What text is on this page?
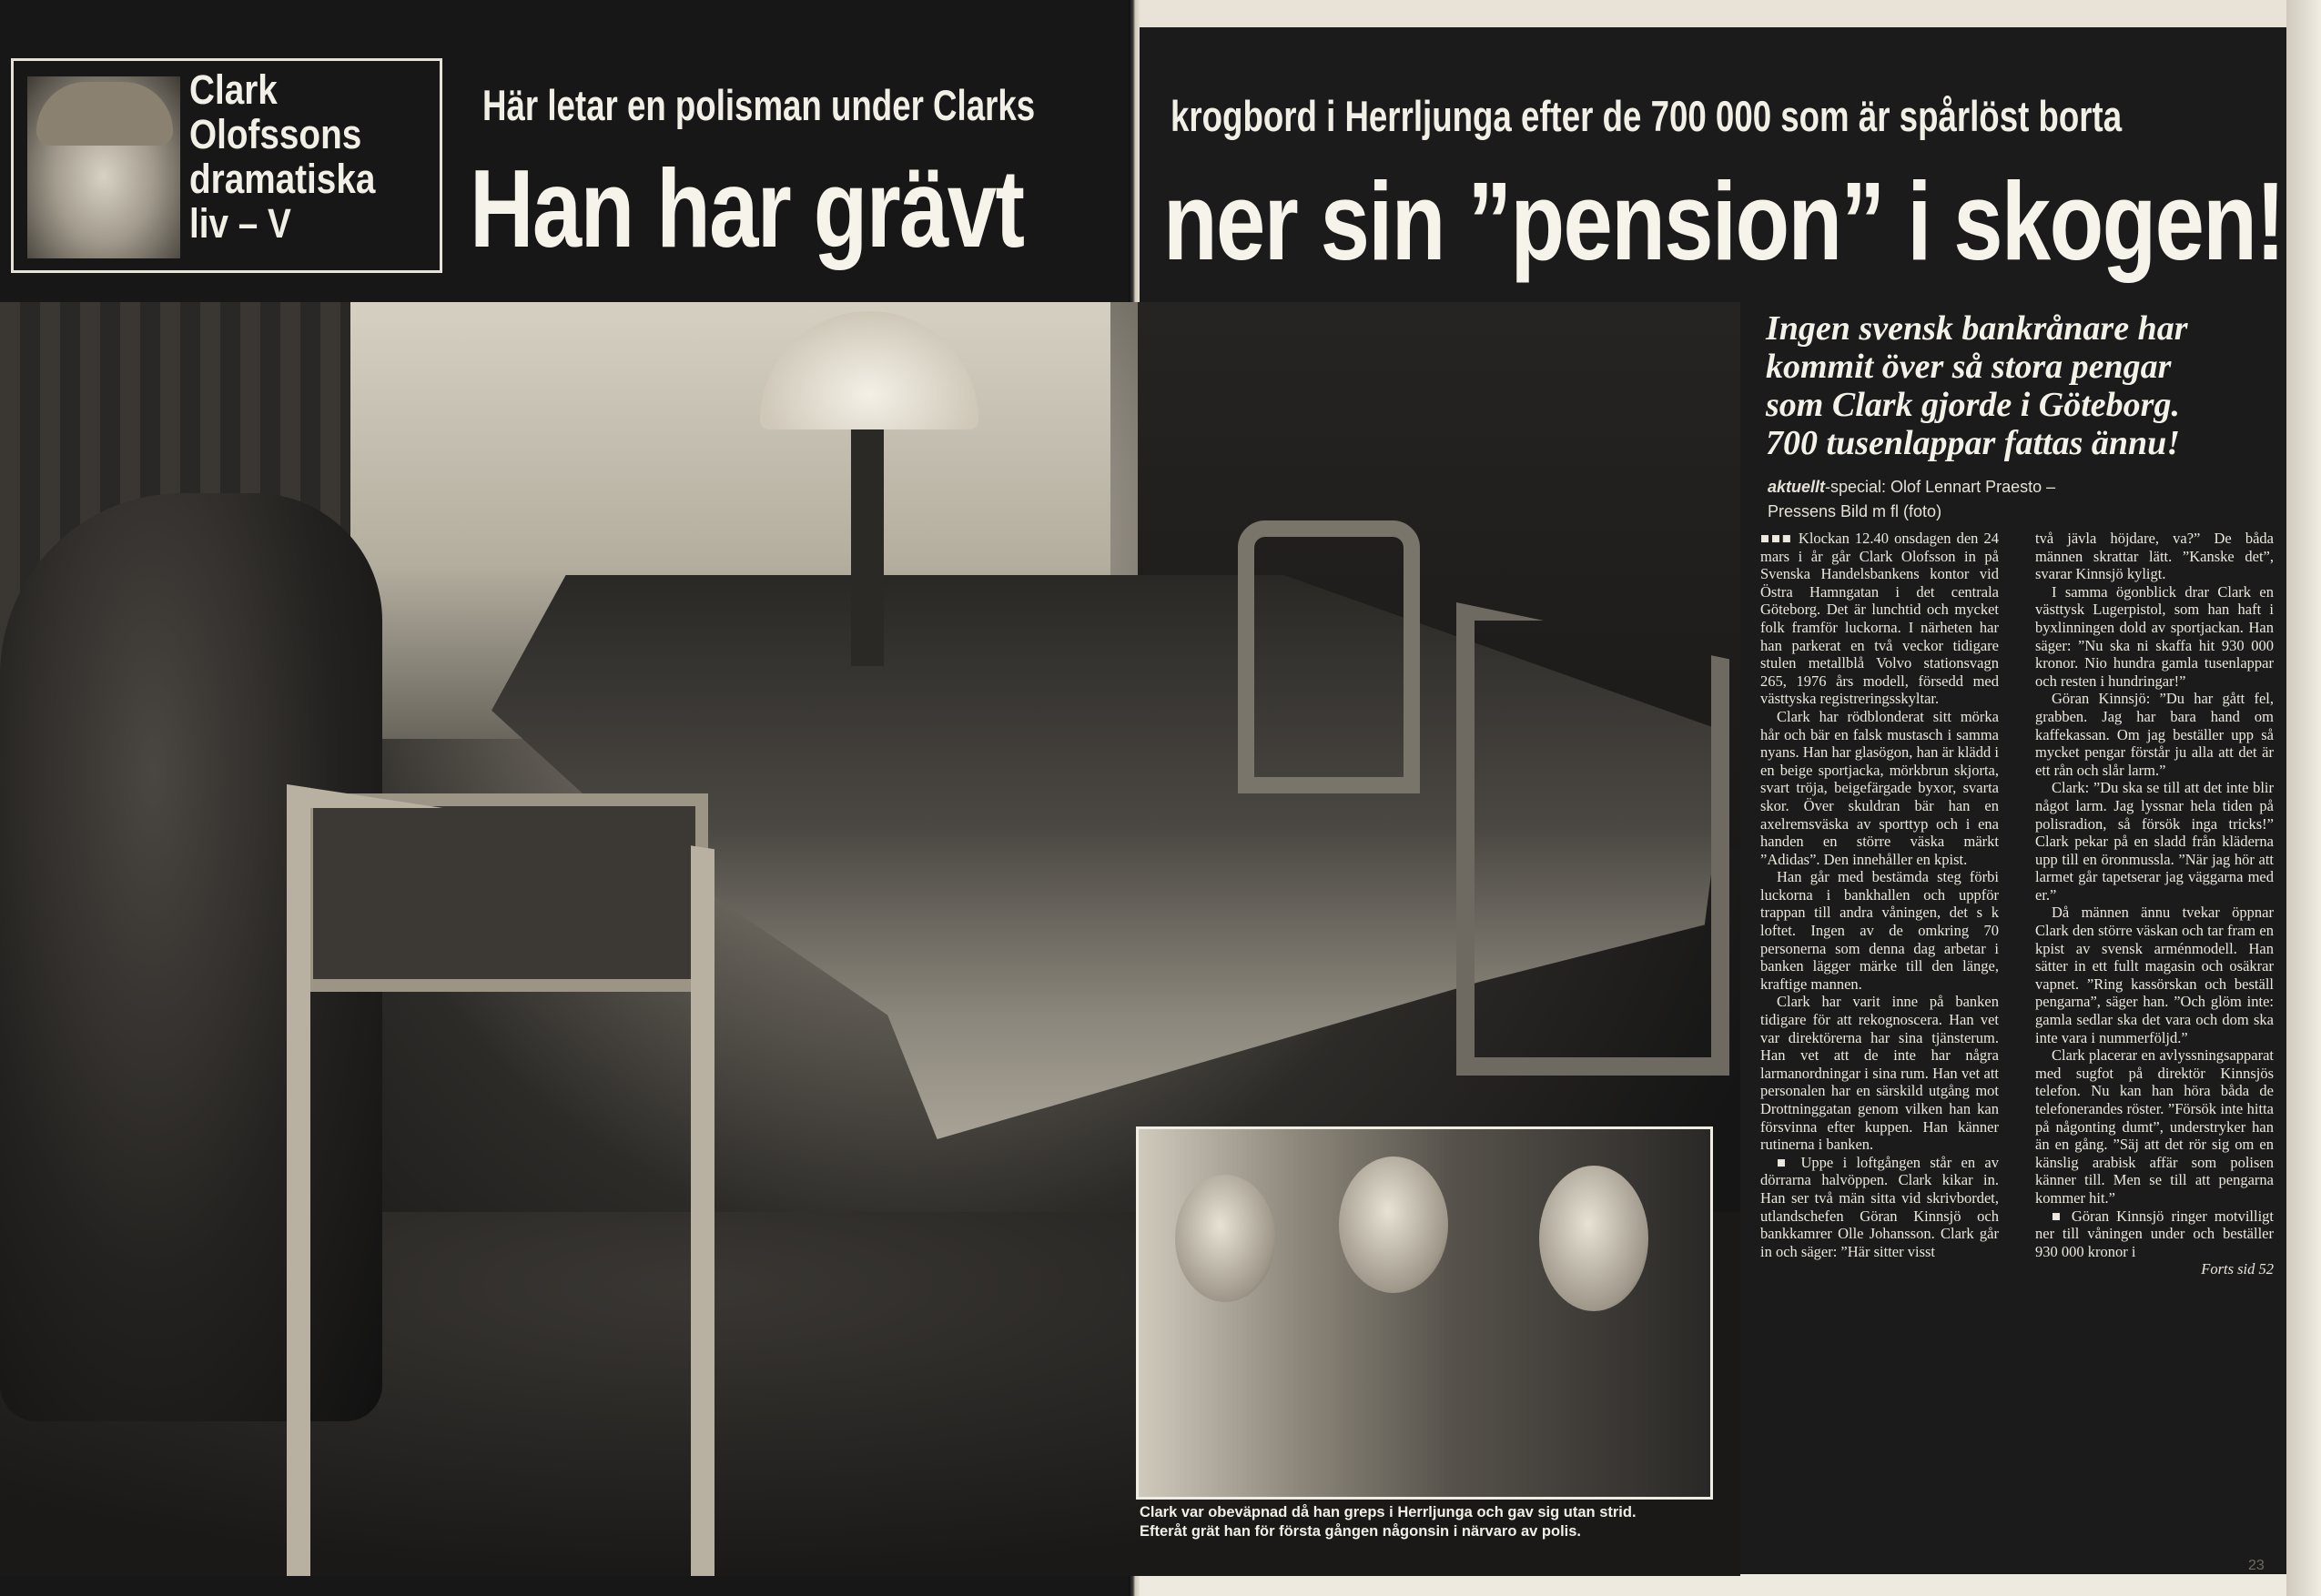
Clark
Olofssons
dramatiska
liv – V
Här letar en polisman under Clarks	krogbord i Herrljunga efter de 700 000 som är spårlöst borta
Han har grävt ner sin ”pension” i skogen!
Ingen svensk bankrånare har
kommit över så stora pengar
som Clark gjorde i Göteborg.
700 tusenlappar fattas ännu!
aktuellt-special: Olof Lennart Praesto –
Pressens Bild m fl (foto)
Clark var obeväpnad då han greps i Herrljunga och gav sig utan strid.
Efteråt grät han för första gången någonsin i närvaro av polis.

■■■ Klockan 12.40 onsdagen den 24 mars i år går Clark Olofsson in på Svenska Handelsbankens kontor vid Östra Hamngatan i det centrala Göteborg. Det är lunchtid och mycket folk framför luckorna. I närheten har han parkerat en två veckor tidigare stulen metallblå Volvo stationsvagn 265, 1976 års modell, försedd med västtyska registreringsskyltar.

Clark har rödblonderat sitt mörka hår och bär en falsk mustasch i samma nyans. Han har glasögon, han är klädd i en beige sportjacka, mörkbrun skjorta, svart tröja, beigefärgade byxor, svarta skor. Över skuldran bär han en axelremsväska av sporttyp och i ena handen en större väska märkt ”Adidas”. Den innehåller en kpist.

Han går med bestämda steg förbi luckorna i bankhallen och uppför trappan till andra våningen, det s k loftet. Ingen av de omkring 70 personerna som denna dag arbetar i banken lägger märke till den länge, kraftige mannen.

Clark har varit inne på banken tidigare för att rekognoscera. Han vet var direktörerna har sina tjänsterum. Han vet att de inte har några larmanordningar i sina rum. Han vet att personalen har en särskild utgång mot Drottninggatan genom vilken han kan försvinna efter kuppen. Han känner rutinerna i banken.

■ Uppe i loftgången står en av dörrarna halvöppen. Clark kikar in. Han ser två män sitta vid skrivbordet, utlandschefen Göran Kinnsjö och bankkamrer Olle Johansson. Clark går in och säger: ”Här sitter visst

två jävla höjdare, va?” De båda männen skrattar lätt. ”Kanske det”, svarar Kinnsjö kyligt.

I samma ögonblick drar Clark en västtysk Lugerpistol, som han haft i byxlinningen dold av sportjackan. Han säger: ”Nu ska ni skaffa hit 930 000 kronor. Nio hundra gamla tusenlappar och resten i hundringar!”

Göran Kinnsjö: ”Du har gått fel, grabben. Jag har bara hand om kaffekassan. Om jag beställer upp så mycket pengar förstår ju alla att det är ett rån och slår larm.”

Clark: ”Du ska se till att det inte blir något larm. Jag lyssnar hela tiden på polisradion, så försök inga tricks!” Clark pekar på en sladd från kläderna upp till en öronmussla. ”När jag hör att larmet går tapetserar jag väggarna med er.”

Då männen ännu tvekar öppnar Clark den större väskan och tar fram en kpist av svensk arménmodell. Han sätter in ett fullt magasin och osäkrar vapnet. ”Ring kassörskan och beställ pengarna”, säger han. ”Och glöm inte: gamla sedlar ska det vara och dom ska inte vara i nummerföljd.”

Clark placerar en avlyssningsapparat med sugfot på direktör Kinnsjös telefon. Nu kan han höra båda de telefonerandes röster. ”Försök inte hitta på någonting dumt”, understryker han än en gång. ”Säj att det rör sig om en känslig arabisk affär som polisen känner till. Men se till att pengarna kommer hit.”

■ Göran Kinnsjö ringer motvilligt ner till våningen under och beställer 930 000 kronor i

Forts sid 52

23
